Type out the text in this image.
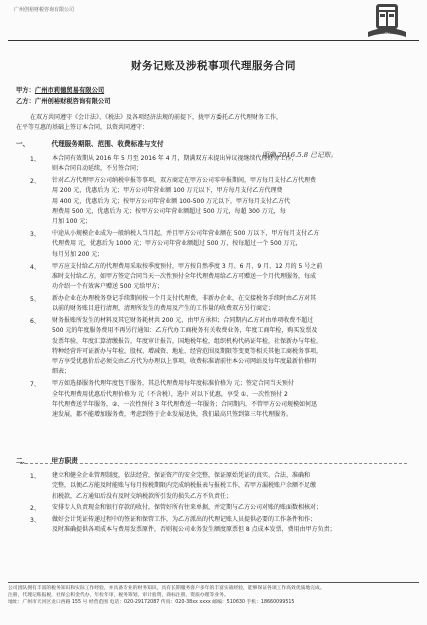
广州创裕财税咨询有限公司
CY
财务记账及涉税事项代理服务合同
甲方：广州市莉德贸易有限公司
乙方：广州创裕财税咨询有限公司
在双方共同遵守《会计法》、《税法》及各项经济法规的前提下，拢甲方委托乙方代理财务工作，
在平等互惠的基础上签订本合同，以资共同遵守：
一、	代理服务期限、范围、收费标准与支付
明确 2016.5.8 已记账。
1、 本合同有效期从 2016 年 5 月至 2016 年 4 月，期满双方未提出异议视继续代理财务工作，
则本合同自动延续，不另签合同；
2、 针对乙方代理甲方公司纳税申报等事项，双方商定在甲方公司零申报期间，甲方每月支付乙方代理费
用 200 元，优惠后为 元；甲方公司年营业额 100 万元以下，甲方每月支付乙方代理费
用 400 元，优惠后为 元；按甲方公司年营业额 100-500 万元以下，甲方每月支付乙方代
理费用 500 元，优惠后为 元；按甲方公司年营业额超过 500 万元，每超 300 万元，每
月加 100 元；
3、 中途从小规模企业成为一般纳税人当月起，并且甲方公司年营业额在 500 万以下，甲方每月支付乙方
代理费用 元，优惠后为 1000 元；甲方公司年营业额超过 500 万，按每超过一个 500 万元，
每月另加 200 元；
4、 甲方应支付给乙方的代理费用采取按季度预付，甲方按自然季度 3 月、6 月、9 月、12 月的 5 号之前
准时支付给乙方，如甲方签定合同当天一次性预付全年代理费用给乙方可赠送一个月代理服务，每成
功介绍一个有效客户赠送 500 元给甲方；
5、 新办企业在办理税务登记手续期间按一个月支付代理费，非新办企业，在交接税务手续时由乙方对其
以前的财务账目进行清理，清理所发生的费用及产生的工作量的收费双方另行商定；
6、 财务报账所发生的材料及其它财务耗材共 200 元，由甲方承担；合同期内乙方对由单项收费不超过
500 元的年度服务费用不再另行通知：乙方代办工商税务有关收费业务，年度工商年检，购买发票及
发票年验，年度汇算清缴报告，年度审计报告，国地税年检，组织机构代码证年检，社保新办与年检，
特种经营许可证新办与年检，股权、增减资、地址、经营范围及期限等变更等相关其他工商税务事项，
甲方享受优惠价后必须交由乙方代为办理以上事项，收费标准请前往本公司网站及每年度最新价格明
细表；
7、 甲方如选择服务代理年度包干服务，其总代理费用每年度标准价格为 元；签定合同当天预付
全年代理费用优惠后代理价格为 元（不含税），选中 对以下优惠，享受 ①、一次性预付 2
年代理费送半年服务，②、一次性预付 3 年代理费送一年服务；合同期内，不管甲方公司规模如何迅
速发展，都不能增加服务费，考虑到签于企业发展迅快，我们最高只签到第三年代理服务。
二、	甲方职责
1、 建立和健全企业管理制度，依法经营，保证资产的安全完整，保证原始凭证的真实、合法、准确和
完整，以便乙方能及时能账与每月按税期限内完成纳税报表与报税工作，若甲方漏税账户余额不足缴
扣税款，乙方通知后没有及时交纳税款所引发的损失乙方不负责任；
2、 安排专人负责现金和银行存款的收付，保管好所有往来单据，并定期与乙方公司对账的账面数相核对；
3、 做好会计凭证传递过程中的签证和保管工作，为乙方派出的代理记账人员提供必要的工作条件和作；
及时准确提供各项成本与费用发票原件，否则视公司业务发生额度原票但 8 点成本发票，费用由甲方负责；
公司团队拥有丰富的税务知识和实际工作经验，并具备专业的财务知识，具有长期服务客户多年的丰富实战经验，能够保证各项工作高效优质地完成。
注册，代理记账报税，社保公积金代办，年检年审，税务筹划，审计验资，商标注册，资质办理等业务。
地址：广州市天河区龙口西路 155 号 经营范围 电话：020-29172087 传真：020-38xx xxxx 邮编：510630 手机：18660099515
